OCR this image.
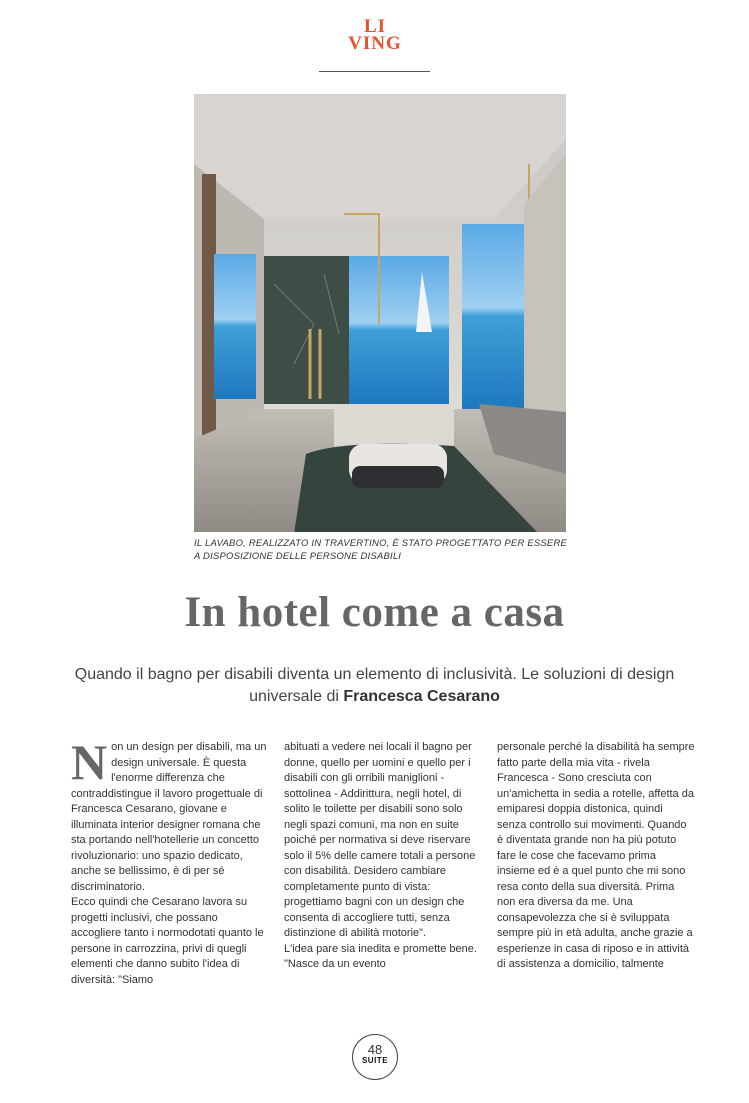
LI
VING
IL LAVABO, REALIZZATO IN TRAVERTINO, È STATO PROGETTATO PER ESSERE A DISPOSIZIONE DELLE PERSONE DISABILI
In hotel come a casa
Quando il bagno per disabili diventa un elemento di inclusività. Le soluzioni di design universale di Francesca Cesarano
N on un design per disabili, ma un design universale. È questa l'enorme differenza che contraddistingue il lavoro progettuale di Francesca Cesarano, giovane e illuminata interior designer romana che sta portando nell'hotellerie un concetto rivoluzionario: uno spazio dedicato, anche se bellissimo, è di per sé discriminatorio.

Ecco quindi che Cesarano lavora su progetti inclusivi, che possano accogliere tanto i normodotati quanto le persone in carrozzina, privi di quegli elementi che danno subito l'idea di diversità: "Siamo

abituati a vedere nei locali il bagno per donne, quello per uomini e quello per i disabili con gli orribili maniglioni - sottolinea - Addirittura, negli hotel, di solito le toilette per disabili sono solo negli spazi comuni, ma non en suite poiché per normativa si deve riservare solo il 5% delle camere totali a persone con disabilità. Desidero cambiare completamente punto di vista: progettiamo bagni con un design che consenta di accogliere tutti, senza distinzione di abilità motorie".

L'idea pare sia inedita e promette bene. "Nasce da un evento

personale perché la disabilità ha sempre fatto parte della mia vita - rivela Francesca - Sono cresciuta con un'amichetta in sedia a rotelle, affetta da emiparesi doppia distonica, quindi senza controllo sui movimenti. Quando è diventata grande non ha più potuto fare le cose che facevamo prima insieme ed è a quel punto che mi sono resa conto della sua diversità. Prima non era diversa da me. Una consapevolezza che si è sviluppata sempre più in età adulta, anche grazie a esperienze in casa di riposo e in attività di assistenza a domicilio, talmente

48
SUITE
